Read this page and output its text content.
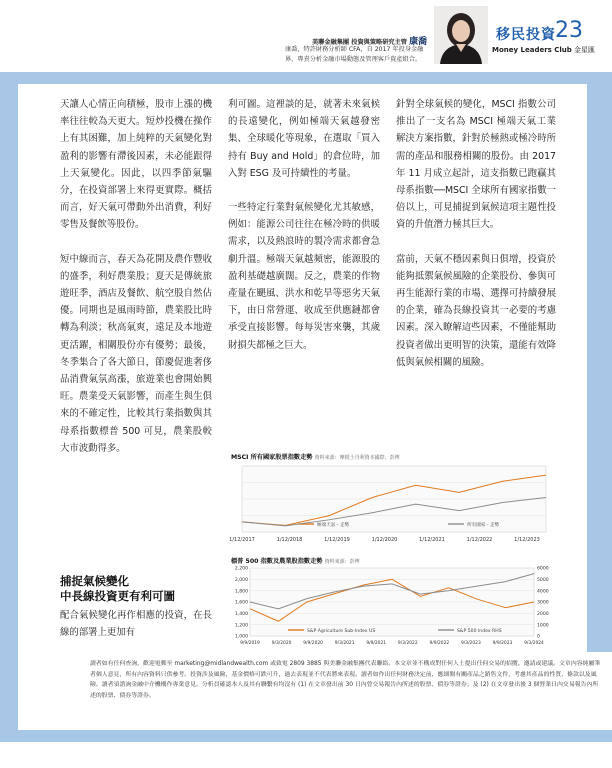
美聯金融集團 投資與策略研究主管 康喬
康喬，特許財務分析師 CFA，自 2017 年投身金融界，專責分析金融市場動態及管理客戶資產組合。
移民投資 23
Money Leaders Club 金星匯

天讓人心情正向積極，股市上漲的機率往往較為天更大。短炒投機在操作上有其困難，加上純粹的天氣變化對盈利的影響有滯後因素，未必能跟得上天氣變化。因此，以四季節氣驅分，在投資部署上來得更實際。概括而言，好天氣可帶動外出消費，利好零售及餐飲等股份。

短中線而言，春天為花開及農作豐收的盛季，利好農業股；夏天是傳統旅遊旺季，酒店及餐飲、航空股自然佔優。同期也是風雨時節，農業股比時轉為利淡；秋高氣爽，遠足及本地遊更活躍，相關股份亦有優勢；最後，冬季集合了各大節日，節慶促進奢侈品消費氣氛高漲，旅遊業也會開始興旺。農業受天氣影響，而產生與生俱來的不確定性，比較其行業指數與其母系指數標普 500 可見，農業股較大市波動得多。

捕捉氣候變化
中長線投資更有利可圖
配合氣候變化再作相應的投資，在長線的部署上更加有

利可圖。這裡談的是，就著未來氣候的長遠變化，例如極端天氣越發密集、全球暖化等現象，在選取「買入持有 Buy and Hold」的倉位時，加入對 ESG 及可持續性的考量。

一些特定行業對氣候變化尤其敏感，例如：能源公司往往在極冷時的供暖需求，以及熱浪時的製冷需求都會急劇升溫。極端天氣越頻密，能源股的盈利基礎越廣闊。反之，農業的作物產量在颶風、洪水和乾旱等惡劣天氣下，由日常營運、收成至供應鏈都會承受直接影響。每每災害來襲，其歲財損失都極之巨大。

針對全球氣候的變化，MSCI 指數公司推出了一支名為 MSCI 極端天氣工業解決方案指數，針對於極熱或極冷時所需的產品和服務相關的股份。由 2017 年 11 月成立起計，這支指數已跑贏其母系指數──MSCI 全球所有國家指數一倍以上，可見捕捉到氣候這項主題性投資的升值潛力極其巨大。

當前，天氣不穩因素與日俱增，投資於能夠抵禦氣候風險的企業股份、參與可再生能源行業的市場、選擇可持續發展的企業，確為長線投資其一必要的考慮因素。深入瞭解這些因素，不僅能幫助投資者做出更明智的決策，還能有效降低與氣候相關的風險。

MSCI 所有國家股票指數走勢 資料來源：摩根士丹利資本國際、彭博
極端天氣 - 走勢	所有國家 - 走勢
1/12/2017	1/12/2018	1/12/2019	1/12/2020	1/12/2021	1/12/2022	1/12/2023
標普 500 指數及農業股指數走勢 資料來源：彭博
1,000
1,200
1,400
1,600
1,800
2,000
2,200
0
1000
2000
3000
4000
5000
6000
S&P Agriculture Sub-Index US	S&P 500 Index RHS
9/9/2019	9/3/2020	9/9/2020	9/3/2021	9/9/2021	9/3/2022	9/9/2022	9/3/2023	9/9/2023	9/3/2024
讀者如有任何查詢，歡迎電郵至 marketing@midlandwealth.com 或致電 2809 3885 與美聯金融集團代表聯絡。本文章並不構成對任何人士提出任何交易的招攬、邀請或建議。文章內容純屬筆者個人意見，所有內容資料只供參考。投資涉及風險，基金價格可跌可升，過去表現並不代表將來表現。讀者如作出任何財務決定前，應細閱有關產品之銷售文件，考慮其產品的性質、條款以及風險。讀者須諮詢金融中介機構作專業意見。分析員確認本人及其有聯繫有均沒有 (1) 在文章發出前 30 日內曾交易報告內所述的股票、債券等證券；及 (2) 在文章發出後 3 個營業日內交易報告內所述的股票、債券等證券。
